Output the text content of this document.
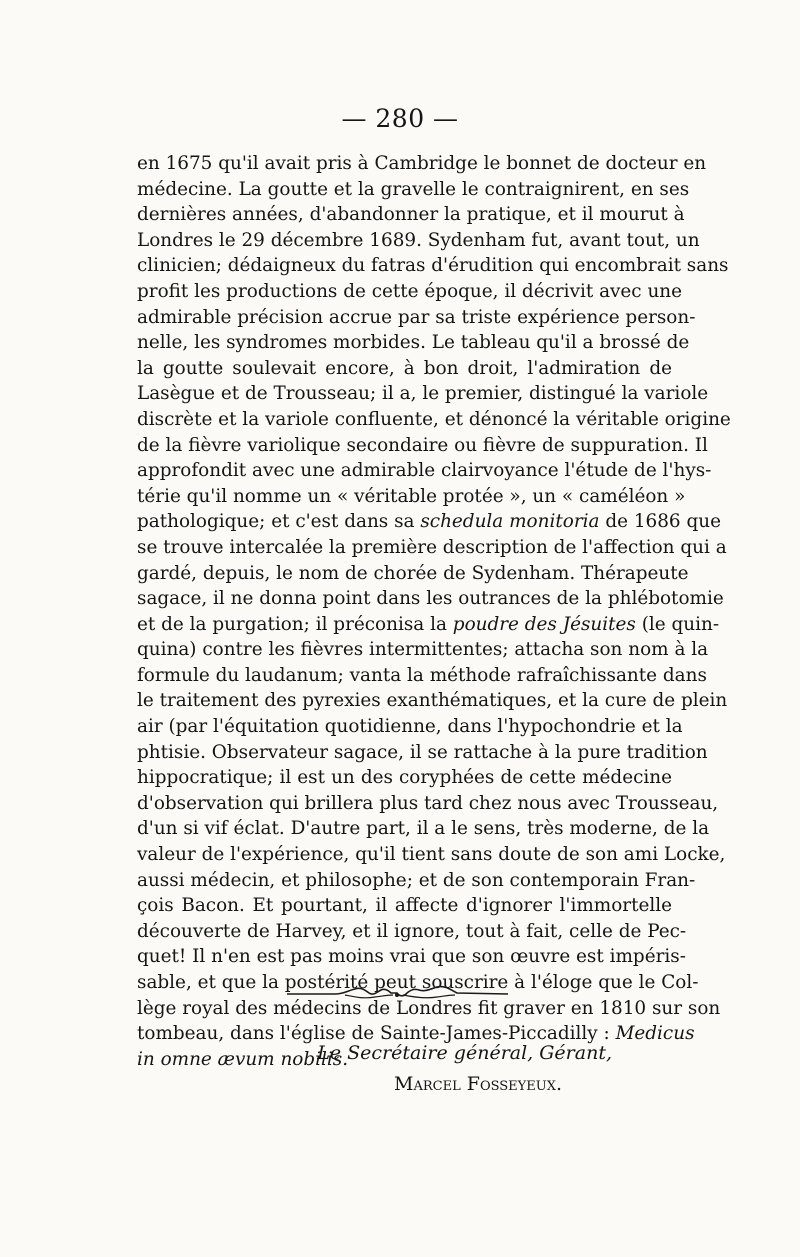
— 280 —
en 1675 qu'il avait pris à Cambridge le bonnet de docteur en
médecine. La goutte et la gravelle le contraignirent, en ses
dernières années, d'abandonner la pratique, et il mourut à
Londres le 29 décembre 1689. Sydenham fut, avant tout, un
clinicien; dédaigneux du fatras d'érudition qui encombrait sans
profit les productions de cette époque, il décrivit avec une
admirable précision accrue par sa triste expérience person-
nelle, les syndromes morbides. Le tableau qu'il a brossé de
la goutte soulevait encore, à bon droit, l'admiration de
Lasègue et de Trousseau; il a, le premier, distingué la variole
discrète et la variole confluente, et dénoncé la véritable origine
de la fièvre variolique secondaire ou fièvre de suppuration. Il
approfondit avec une admirable clairvoyance l'étude de l'hys-
térie qu'il nomme un « véritable protée », un « caméléon »
pathologique; et c'est dans sa schedula monitoria de 1686 que
se trouve intercalée la première description de l'affection qui a
gardé, depuis, le nom de chorée de Sydenham. Thérapeute
sagace, il ne donna point dans les outrances de la phlébotomie
et de la purgation; il préconisa la poudre des Jésuites (le quin-
quina) contre les fièvres intermittentes; attacha son nom à la
formule du laudanum; vanta la méthode rafraîchissante dans
le traitement des pyrexies exanthématiques, et la cure de plein
air (par l'équitation quotidienne, dans l'hypochondrie et la
phtisie. Observateur sagace, il se rattache à la pure tradition
hippocratique; il est un des coryphées de cette médecine
d'observation qui brillera plus tard chez nous avec Trousseau,
d'un si vif éclat. D'autre part, il a le sens, très moderne, de la
valeur de l'expérience, qu'il tient sans doute de son ami Locke,
aussi médecin, et philosophe; et de son contemporain Fran-
çois Bacon. Et pourtant, il affecte d'ignorer l'immortelle
découverte de Harvey, et il ignore, tout à fait, celle de Pec-
quet! Il n'en est pas moins vrai que son œuvre est impéris-
sable, et que la postérité peut souscrire à l'éloge que le Col-
lège royal des médecins de Londres fit graver en 1810 sur son
tombeau, dans l'église de Sainte-James-Piccadilly : Medicus
in omne ævum nobilis.
Le Secrétaire général, Gérant,
Marcel Fosseyeux.
